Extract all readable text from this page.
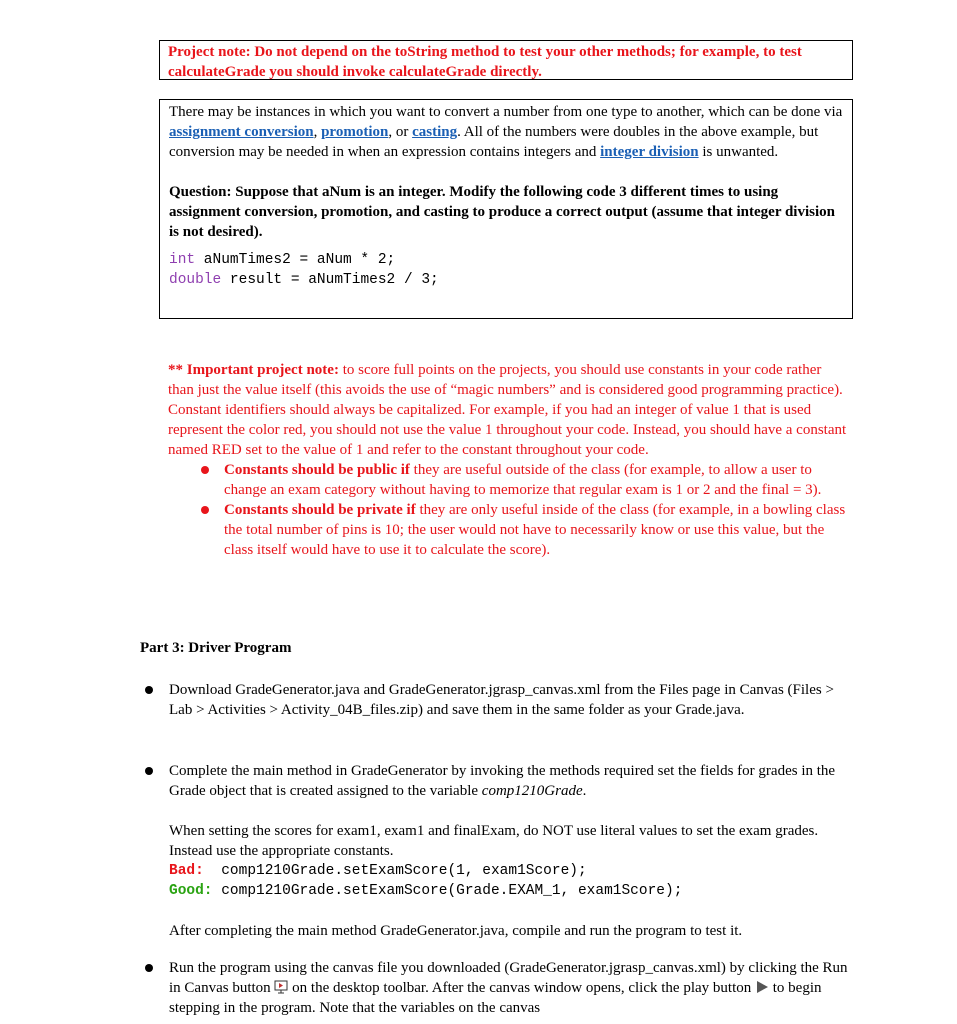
Project note: Do not depend on the toString method to test your other methods; for example, to test calculateGrade you should invoke calculateGrade directly.

There may be instances in which you want to convert a number from one type to another, which can be done via assignment conversion, promotion, or casting. All of the numbers were doubles in the above example, but conversion may be needed in when an expression contains integers and integer division is unwanted.

Question: Suppose that aNum is an integer. Modify the following code 3 different times to using assignment conversion, promotion, and casting to produce a correct output (assume that integer division is not desired).

int aNumTimes2 = aNum * 2;
double result = aNumTimes2 / 3;

** Important project note: to score full points on the projects, you should use constants in your code rather than just the value itself (this avoids the use of “magic numbers” and is considered good programming practice). Constant identifiers should always be capitalized. For example, if you had an integer of value 1 that is used represent the color red, you should not use the value 1 throughout your code. Instead, you should have a constant named RED set to the value of 1 and refer to the constant throughout your code.

Constants should be public if they are useful outside of the class (for example, to allow a user to change an exam category without having to memorize that regular exam is 1 or 2 and the final = 3).
Constants should be private if they are only useful inside of the class (for example, in a bowling class the total number of pins is 10; the user would not have to necessarily know or use this value, but the class itself would have to use it to calculate the score).
Part 3: Driver Program

Download GradeGenerator.java and GradeGenerator.jgrasp_canvas.xml from the Files page in Canvas (Files > Lab > Activities > Activity_04B_files.zip) and save them in the same folder as your Grade.java.

Complete the main method in GradeGenerator by invoking the methods required set the fields for grades in the Grade object that is created assigned to the variable comp1210Grade.

When setting the scores for exam1, exam1 and finalExam, do NOT use literal values to set the exam grades. Instead use the appropriate constants.

Bad:  comp1210Grade.setExamScore(1, exam1Score);
Good: comp1210Grade.setExamScore(Grade.EXAM_1, exam1Score);

After completing the main method GradeGenerator.java, compile and run the program to test it.

Run the program using the canvas file you downloaded (GradeGenerator.jgrasp_canvas.xml) by clicking the Run in Canvas button  on the desktop toolbar. After the canvas window opens, click the play button  to begin stepping in the program. Note that the variables on the canvas
